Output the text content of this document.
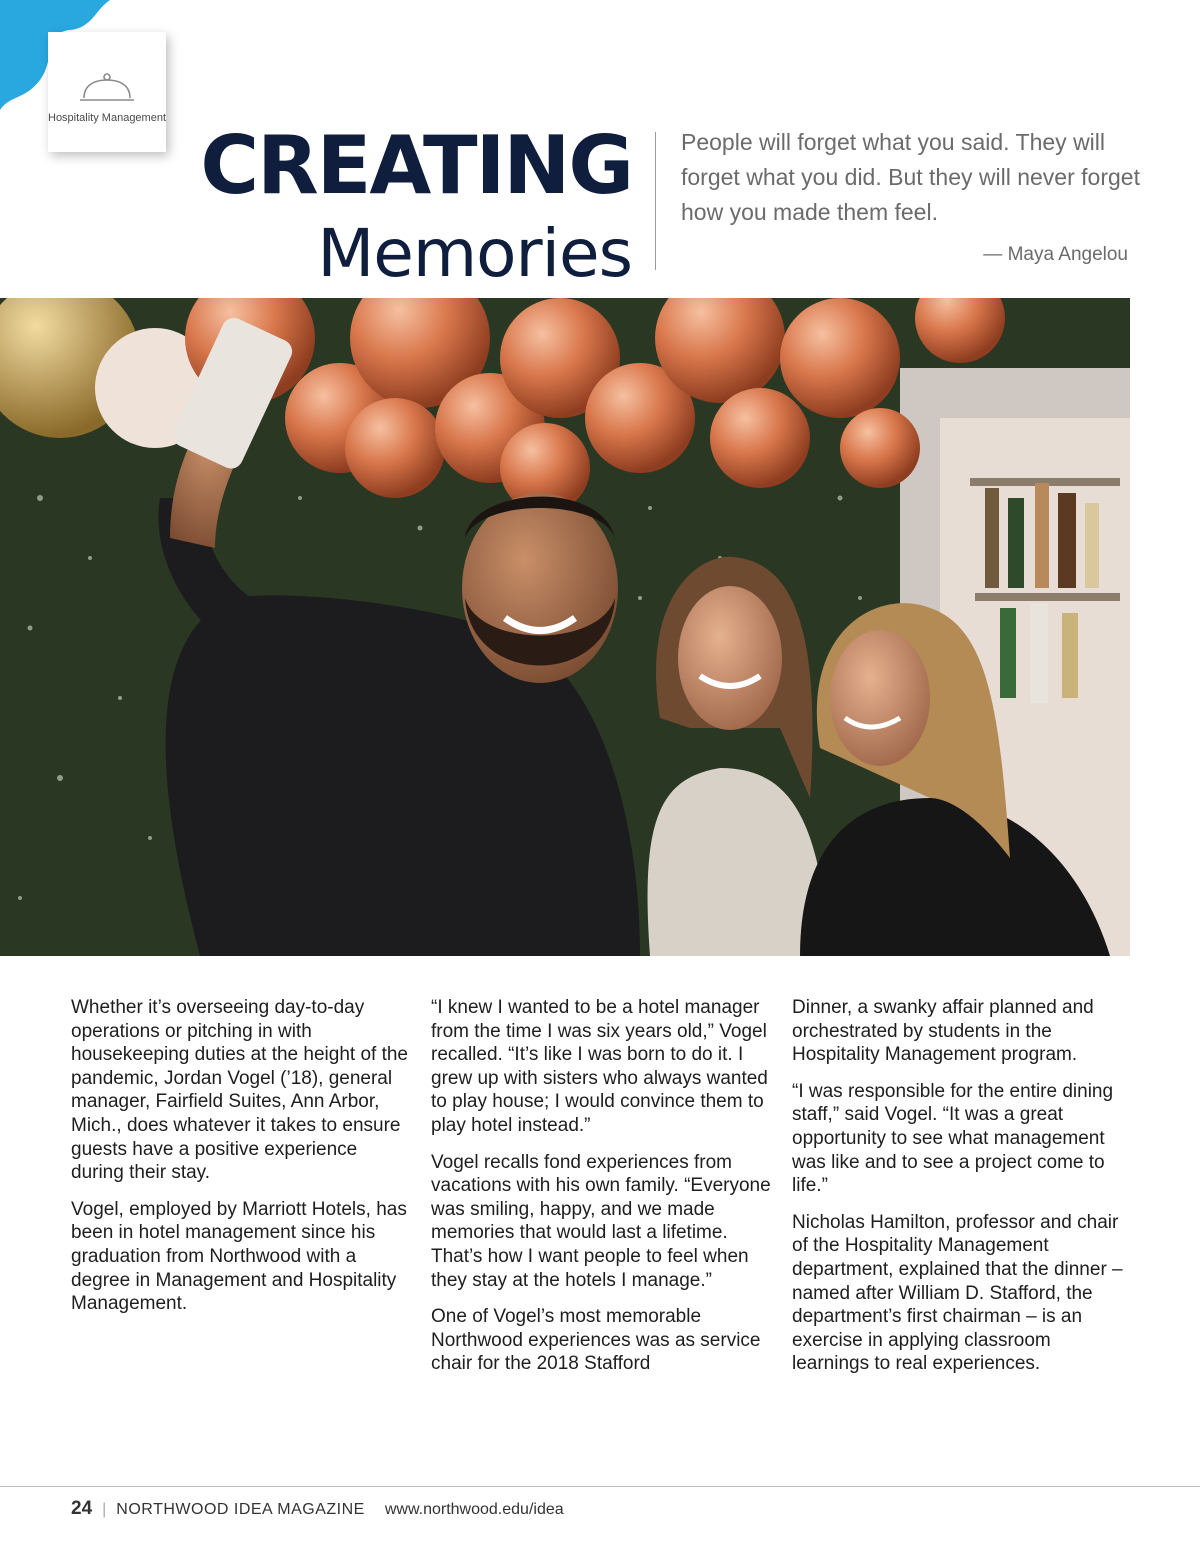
Hospitality Management
CREATING
Memories
People will forget what you said. They will forget what you did. But they will never forget how you made them feel.
— Maya Angelou

Whether it’s overseeing day-to-day operations or pitching in with housekeeping duties at the height of the pandemic, Jordan Vogel (’18), general manager, Fairfield Suites, Ann Arbor, Mich., does whatever it takes to ensure guests have a positive experience during their stay.

Vogel, employed by Marriott Hotels, has been in hotel management since his graduation from Northwood with a degree in Management and Hospitality Management.

“I knew I wanted to be a hotel manager from the time I was six years old,” Vogel recalled. “It’s like I was born to do it. I grew up with sisters who always wanted to play house; I would convince them to play hotel instead.”

Vogel recalls fond experiences from vacations with his own family. “Everyone was smiling, happy, and we made memories that would last a lifetime. That’s how I want people to feel when they stay at the hotels I manage.”

One of Vogel’s most memorable Northwood experiences was as service chair for the 2018 Stafford

Dinner, a swanky affair planned and orchestrated by students in the Hospitality Management program.

“I was responsible for the entire dining staff,” said Vogel. “It was a great opportunity to see what management was like and to see a project come to life.”

Nicholas Hamilton, professor and chair of the Hospitality Management department, explained that the dinner – named after William D. Stafford, the department’s first chairman – is an exercise in applying classroom learnings to real experiences.

24 | NORTHWOOD IDEA MAGAZINE www.northwood.edu/idea
